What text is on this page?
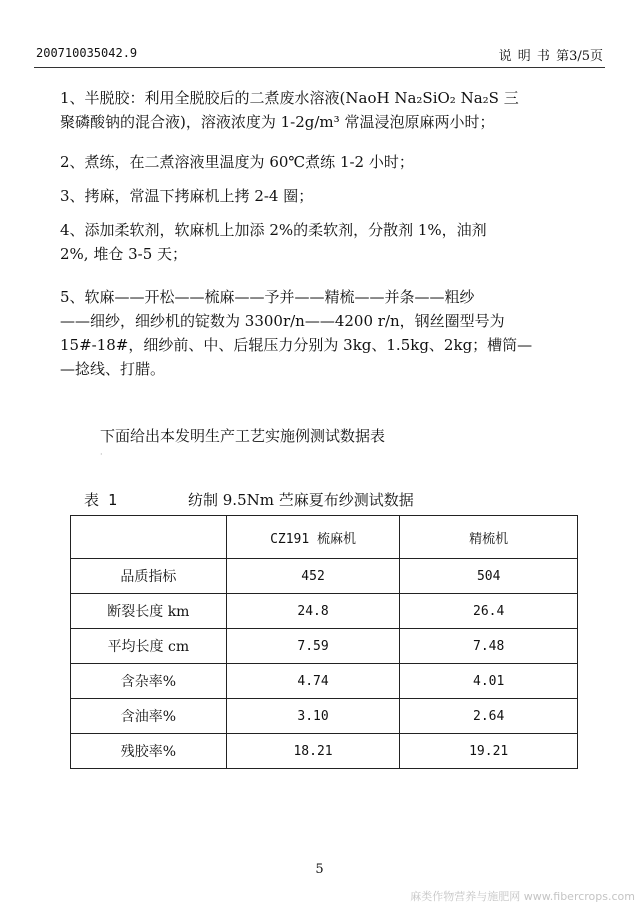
200710035042.9	说 明 书 第3/5页
1、半脱胶：利用全脱胶后的二煮废水溶液(NaoH Na₂SiO₂ Na₂S 三
聚磷酸钠的混合液)，溶液浓度为 1-2g/m³ 常温浸泡原麻两小时；
2、煮练，在二煮溶液里温度为 60℃煮练 1-2 小时；
3、拷麻，常温下拷麻机上拷 2-4 圈；
4、添加柔软剂，软麻机上加添 2%的柔软剂，分散剂 1%，油剂
2%, 堆仓 3-5 天；
5、软麻——开松——梳麻——予并——精梳——并条——粗纱
——细纱，细纱机的锭数为 3300r/n——4200 r/n，钢丝圈型号为
15#-18#，细纱前、中、后辊压力分别为 3kg、1.5kg、2kg；槽筒—
—捻线、打腊。
下面给出本发明生产工艺实施例测试数据表
·
表 1	纺制 9.5Nm 苎麻夏布纱测试数据
	CZ191 梳麻机	精梳机
品质指标	452	504
断裂长度 km	24.8	26.4
平均长度 cm	7.59	7.48
含杂率%	4.74	4.01
含油率%	3.10	2.64
残胶率%	18.21	19.21
5
麻类作物营养与施肥网 www.fibercrops.com
